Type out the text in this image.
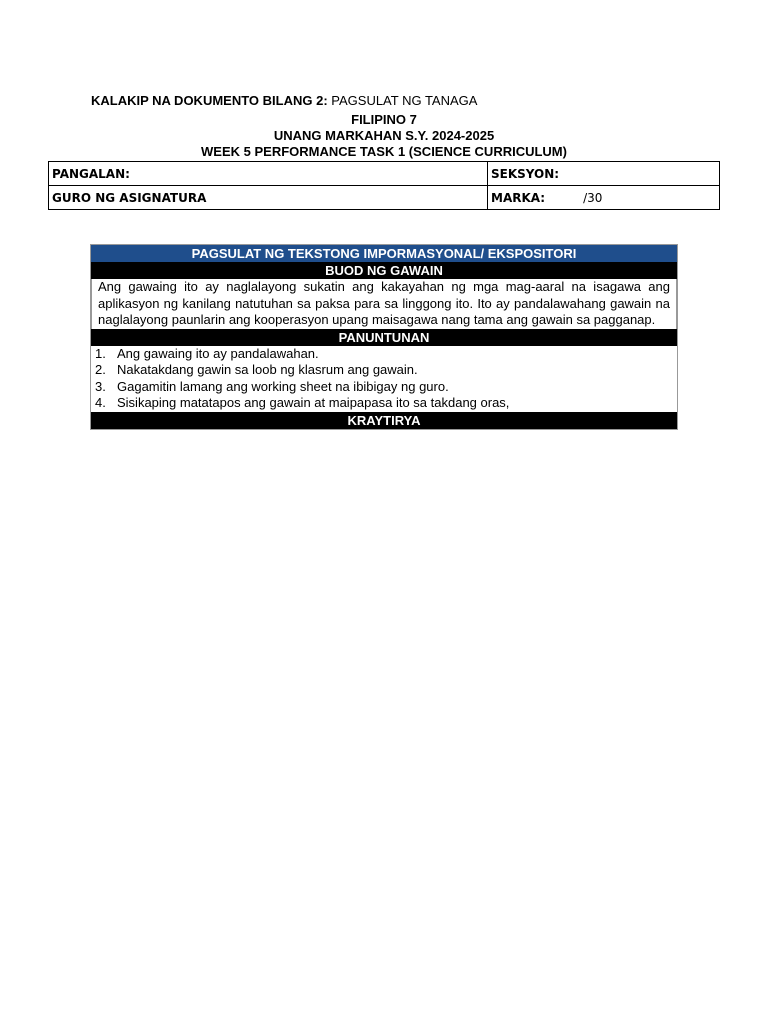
KALAKIP NA DOKUMENTO BILANG 2: PAGSULAT NG TANAGA
FILIPINO 7
UNANG MARKAHAN S.Y. 2024-2025
WEEK 5 PERFORMANCE TASK 1 (SCIENCE CURRICULUM)
PANGALAN:	SEKSYON:
GURO NG ASIGNATURA	MARKA: /30
PAGSULAT NG TEKSTONG IMPORMASYONAL/ EKSPOSITORI
BUOD NG GAWAIN
Ang gawaing ito ay naglalayong sukatin ang kakayahan ng mga mag-aaral na isagawa ang aplikasyon ng kanilang natutuhan sa paksa para sa linggong ito. Ito ay pandalawahang gawain na naglalayong paunlarin ang kooperasyon upang maisagawa nang tama ang gawain sa pagganap.
PANUNTUNAN
1. Ang gawaing ito ay pandalawahan.
2. Nakatakdang gawin sa loob ng klasrum ang gawain.
3. Gagamitin lamang ang working sheet na ibibigay ng guro.
4. Sisikaping matatapos ang gawain at maipapasa ito sa takdang oras,
KRAYTIRYA
